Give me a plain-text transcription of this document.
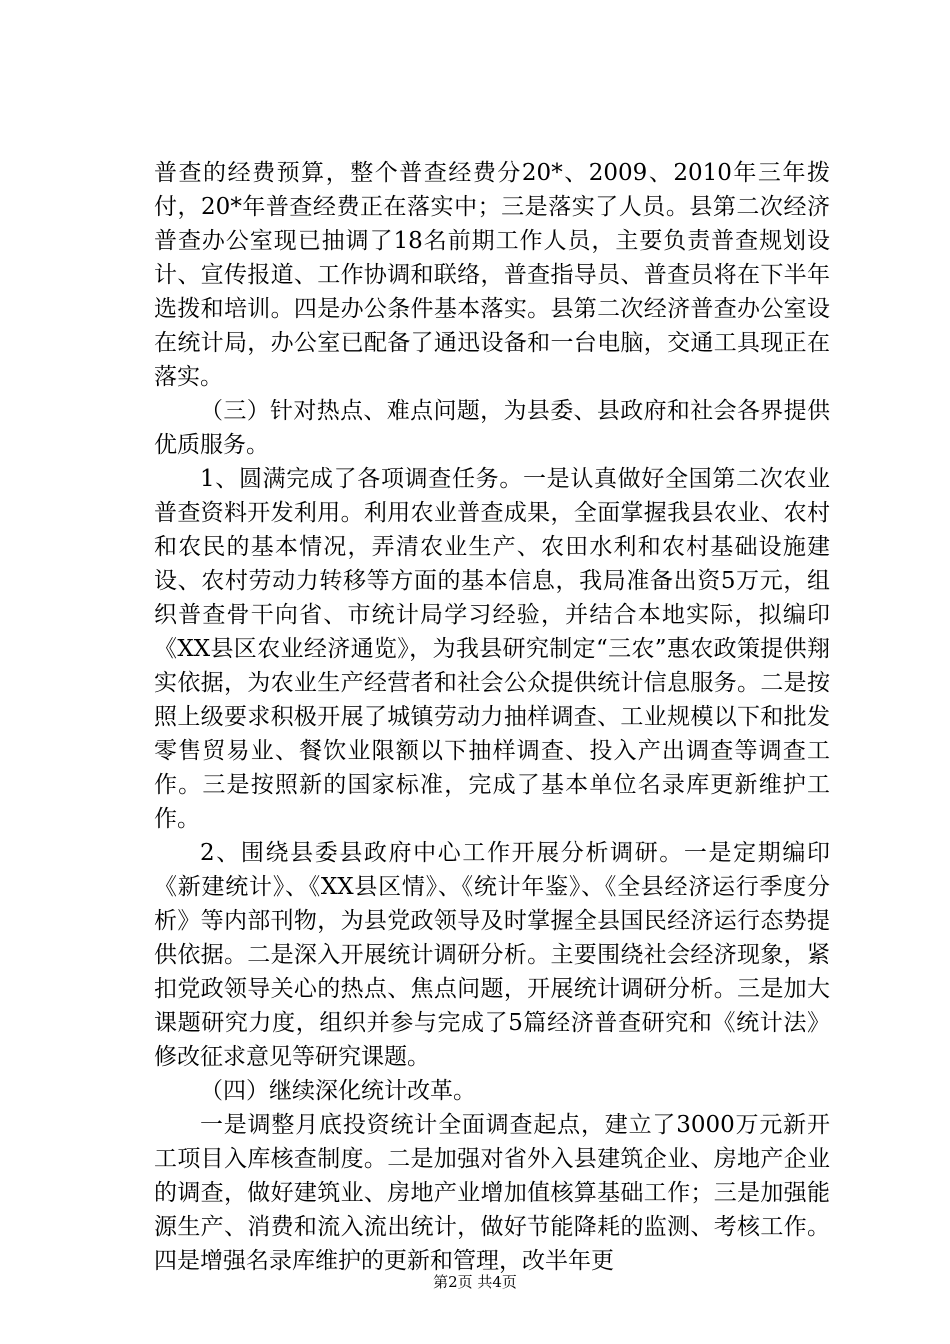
普查的经费预算，整个普查经费分20*、2009、2010年三年拨付，20*年普查经费正在落实中；三是落实了人员。县第二次经济普查办公室现已抽调了18名前期工作人员，主要负责普查规划设计、宣传报道、工作协调和联络，普查指导员、普查员将在下半年选拨和培训。四是办公条件基本落实。县第二次经济普查办公室设在统计局，办公室已配备了通迅设备和一台电脑，交通工具现正在落实。

（三）针对热点、难点问题，为县委、县政府和社会各界提供优质服务。

1、圆满完成了各项调查任务。一是认真做好全国第二次农业普查资料开发利用。利用农业普查成果，全面掌握我县农业、农村和农民的基本情况，弄清农业生产、农田水利和农村基础设施建设、农村劳动力转移等方面的基本信息，我局准备出资5万元，组织普查骨干向省、市统计局学习经验，并结合本地实际，拟编印《XX县区农业经济通览》，为我县研究制定“三农”惠农政策提供翔实依据，为农业生产经营者和社会公众提供统计信息服务。二是按照上级要求积极开展了城镇劳动力抽样调查、工业规模以下和批发零售贸易业、餐饮业限额以下抽样调查、投入产出调查等调查工作。三是按照新的国家标准，完成了基本单位名录库更新维护工作。

2、围绕县委县政府中心工作开展分析调研。一是定期编印《新建统计》、《XX县区情》、《统计年鉴》、《全县经济运行季度分析》等内部刊物，为县党政领导及时掌握全县国民经济运行态势提供依据。二是深入开展统计调研分析。主要围绕社会经济现象，紧扣党政领导关心的热点、焦点问题，开展统计调研分析。三是加大课题研究力度，组织并参与完成了5篇经济普查研究和《统计法》修改征求意见等研究课题。

（四）继续深化统计改革。

一是调整月底投资统计全面调查起点，建立了3000万元新开工项目入库核查制度。二是加强对省外入县建筑企业、房地产企业的调查，做好建筑业、房地产业增加值核算基础工作；三是加强能源生产、消费和流入流出统计，做好节能降耗的监测、考核工作。四是增强名录库维护的更新和管理，改半年更

第2页 共4页
